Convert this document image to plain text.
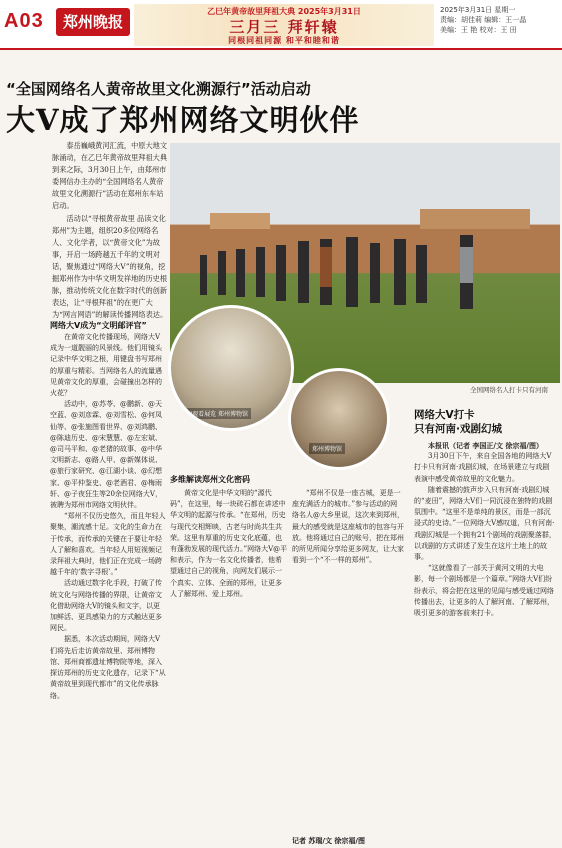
A03	郑州晚报
乙巳年黄帝故里拜祖大典 2025年3月31日
三月三 拜轩辕
同根同祖同源 和平和睦和谐
2025年3月31日 星期一
责编：胡佳莉 编辑：王一晶
美编：王 艳 校对：王 田
“全国网络名人黄帝故里文化溯源行”活动启动
大V成了郑州网络文明伙伴

泰岳巍峨黄河汇流，中原大地文脉涌动，在乙巳年黄帝故里拜祖大典到来之际，3月30日上午，由郑州市委网信办主办的“全国网络名人黄帝故里文化溯源行”活动在郑州东车站启动。

活动以“寻根黄帝故里 品读文化郑州”为主题，组织20多位网络名人、文化学者，以“黄帝文化”为故事，开启一场跨越五千年的文明对话，聚焦通过“网络大V”的视角，挖掘郑州作为中华文明发祥地的历史根脉，推动传统文化在数字时代的创新表达，让“寻根拜祖”的在更广大为“网言网语”的解读传播网络表达。

全国网络名人打卡只有河南
大V观看展览 郑州博物馆
郑州博物馆
网络大V成为“文明邮评官”

在黄帝文化传播现场，网络大V成为一道靓丽的风景线。他们用镜头记录中华文明之根，用键盘书写郑州的厚重与精彩。当网络名人的流量遇见黄帝文化的厚重，会碰撞出怎样的火花？

活动中，@苏苓、@鹏新、@天空蓝、@刘彦霖、@刘雪松、@何凤仙等、@张施图看世界、@刘鸿鹏、@陈迪历史、@宋慧慧、@左宏斌、@司马平和、@老猪的故事、@中华文明新志、@路人甲、@新媒体说、@旅行家研究、@江湖小谈、@幻想家、@平仲鉴史、@老酒君、@梅雨轩、@子夜狂生等20余位网络大V，被聘为郑州市网络文明伙伴。

“郑州不仅历史悠久，而且年轻人聚集，潮流感十足。文化的生命力在于传承，而传承的关键在于要让年轻人了解和喜欢。当年轻人用短视频记录拜祖大典时，他们正在完成一场跨越千年的‘数字寻根’。”

活动通过数字化手段，打破了传统文化与网络传播的界限，让黄帝文化借助网络大V的镜头和文字，以更加鲜活、更具感染力的方式触达更多网民。

据悉，本次活动期间，网络大V们将先后走访黄帝故里、郑州博物馆、郑州商都遗址博物院等地，深入探访郑州的历史文化遗存，记录下“从黄帝故里到现代都市”的文化传承脉络。

多维解读郑州文化密码

黄帝文化是中华文明的“源代码”，在这里，每一块砖石都在讲述中华文明的起源与传承。“在郑州，历史与现代交相辉映，古老与时尚共生共荣。这里有厚重的历史文化底蕴，也有蓬勃发展的现代活力。”网络大V@平和表示，作为一名文化传播者，他希望通过自己的视角，向网友们展示一个真实、立体、全面的郑州，让更多人了解郑州、爱上郑州。

“郑州不仅是一座古城，更是一座充满活力的城市。”参与活动的网络名人@大乡里说，这次来到郑州，最大的感受就是这座城市的包容与开放。他将通过自己的账号，把在郑州的所见所闻分享给更多网友，让大家看到一个“不一样的郑州”。

网络大V打卡
只有河南·戏剧幻城

本报讯（记者 李国正/文 徐宗福/图）

3月30日下午，来自全国各地的网络大V打卡只有河南·戏剧幻城，在场景建立与戏剧表演中感受黄帝故里的文化魅力。

随着震撼的鼓声步入只有河南·戏剧幻城的“麦田”，网络大V们一同沉浸在独特的戏剧氛围中。“这里不是单纯的景区，而是一部沉浸式的史诗。”一位网络大V感叹道，只有河南·戏剧幻城是一个拥有21个剧场的戏剧聚落群，以戏剧的方式讲述了发生在这片土地上的故事。

“这就像看了一部关于黄河文明的大电影，每一个剧场都是一个篇章。”网络大V们纷纷表示，将会把在这里的见闻与感受通过网络传播出去，让更多的人了解河南、了解郑州，吸引更多的游客前来打卡。

记者 苏瑞/文 徐宗福/图
